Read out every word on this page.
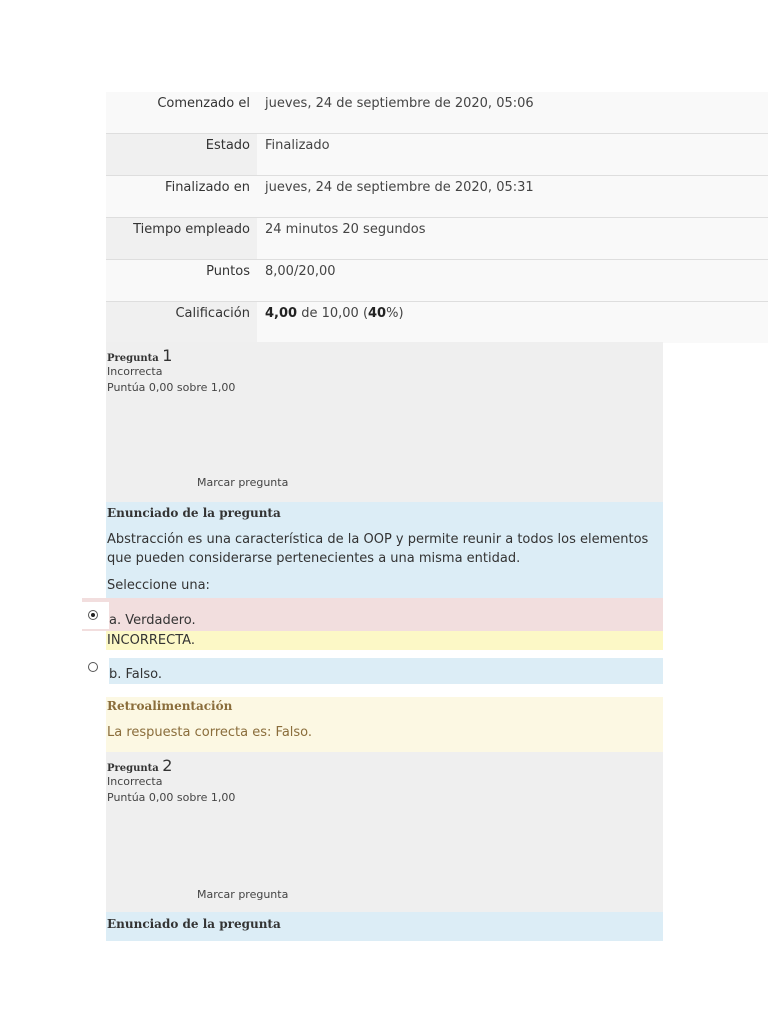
Comenzado el	jueves, 24 de septiembre de 2020, 05:06
Estado	Finalizado
Finalizado en	jueves, 24 de septiembre de 2020, 05:31
Tiempo empleado	24 minutos 20 segundos
Puntos	8,00/20,00
Calificación	4,00 de 10,00 (40%)
Pregunta 1
Incorrecta
Puntúa 0,00 sobre 1,00
Marcar pregunta
Enunciado de la pregunta
Abstracción es una característica de la OOP y permite reunir a todos los elementos que pueden considerarse pertenecientes a una misma entidad.
Seleccione una:
a. Verdadero.
INCORRECTA.
b. Falso.
Retroalimentación
La respuesta correcta es: Falso.
Pregunta 2
Incorrecta
Puntúa 0,00 sobre 1,00
Marcar pregunta
Enunciado de la pregunta
